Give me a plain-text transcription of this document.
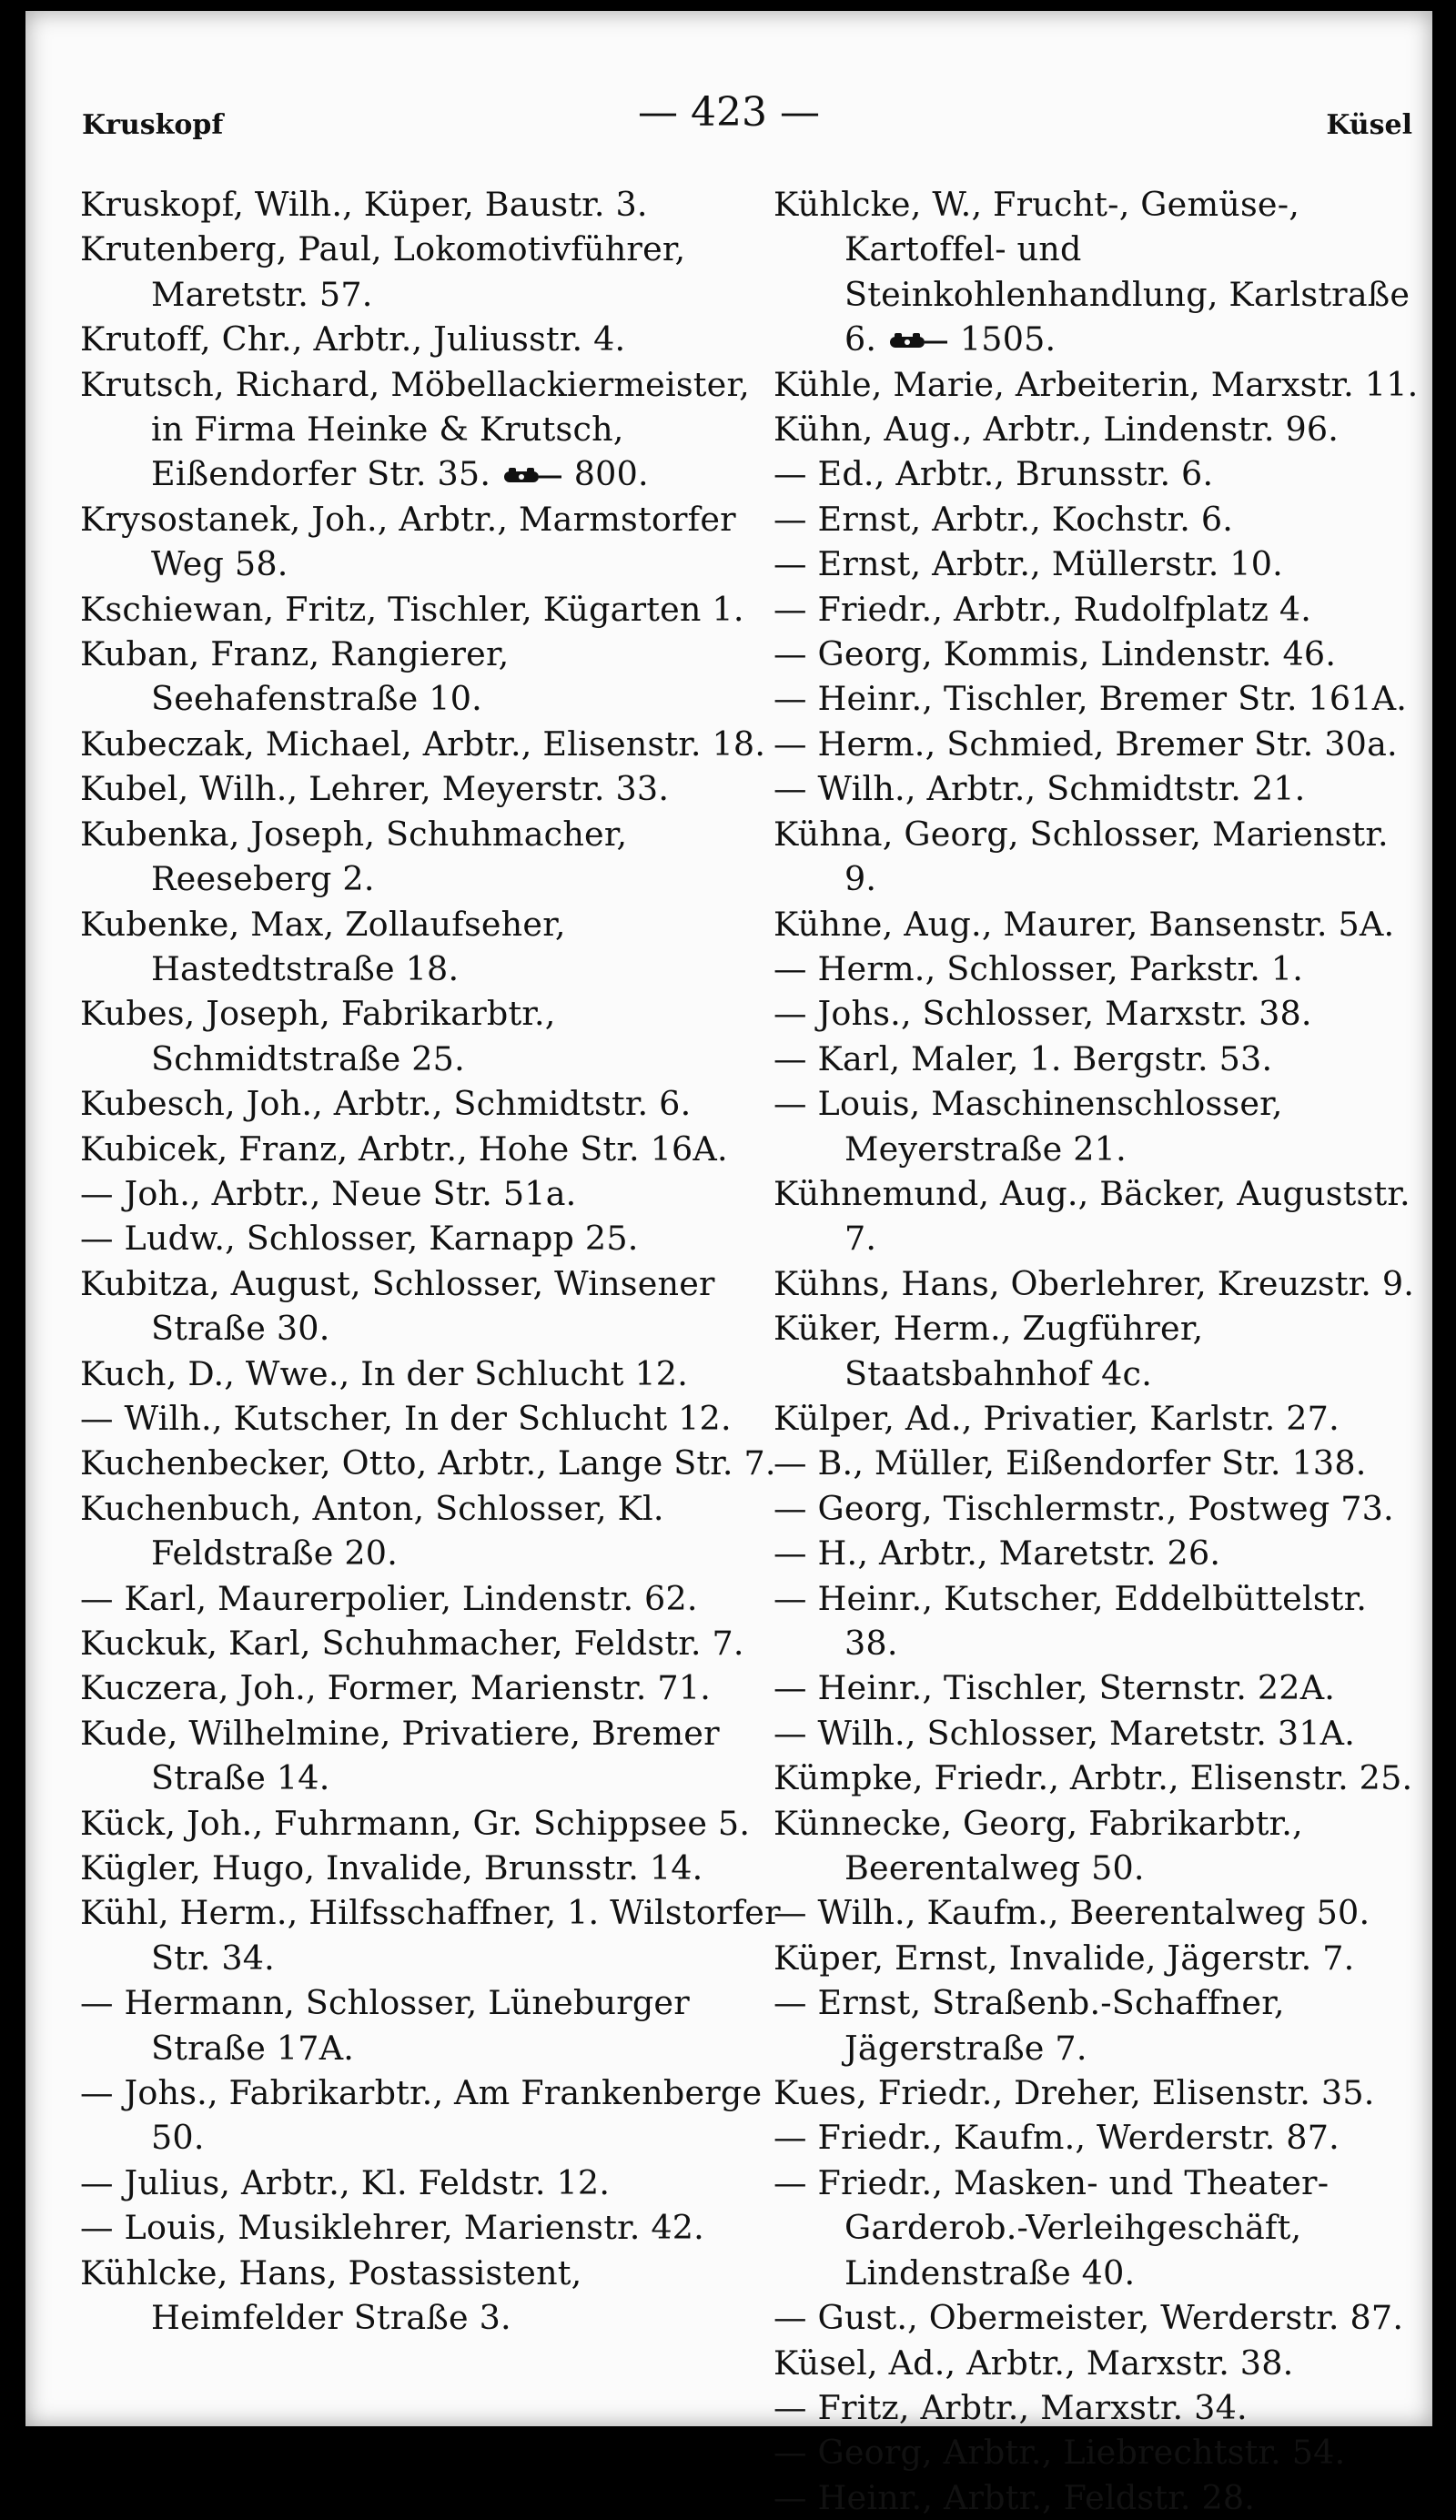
Kruskopf	— 423 —	Küsel
Kruskopf, Wilh., Küper, Baustr. 3.
Krutenberg, Paul, Lokomotivführer, Maretstr. 57.
Krutoff, Chr., Arbtr., Juliusstr. 4.
Krutsch, Richard, Möbellackiermeister, in Firma Heinke & Krutsch, Eißendorfer Str. 35.
800.
Krysostanek, Joh., Arbtr., Marmstorfer Weg 58.
Kschiewan, Fritz, Tischler, Kügarten 1.
Kuban, Franz, Rangierer, Seehafenstraße 10.
Kubeczak, Michael, Arbtr., Elisenstr. 18.
Kubel, Wilh., Lehrer, Meyerstr. 33.
Kubenka, Joseph, Schuhmacher, Reeseberg 2.
Kubenke, Max, Zollaufseher, Hastedtstraße 18.
Kubes, Joseph, Fabrikarbtr., Schmidtstraße 25.
Kubesch, Joh., Arbtr., Schmidtstr. 6.
Kubicek, Franz, Arbtr., Hohe Str. 16A.
— Joh., Arbtr., Neue Str. 51a.
— Ludw., Schlosser, Karnapp 25.
Kubitza, August, Schlosser, Winsener Straße 30.
Kuch, D., Wwe., In der Schlucht 12.
— Wilh., Kutscher, In der Schlucht 12.
Kuchenbecker, Otto, Arbtr., Lange Str. 7.
Kuchenbuch, Anton, Schlosser, Kl. Feldstraße 20.
— Karl, Maurerpolier, Lindenstr. 62.
Kuckuk, Karl, Schuhmacher, Feldstr. 7.
Kuczera, Joh., Former, Marienstr. 71.
Kude, Wilhelmine, Privatiere, Bremer Straße 14.
Kück, Joh., Fuhrmann, Gr. Schippsee 5.
Kügler, Hugo, Invalide, Brunsstr. 14.
Kühl, Herm., Hilfsschaffner, 1. Wilstorfer Str. 34.
— Hermann, Schlosser, Lüneburger Straße 17A.
— Johs., Fabrikarbtr., Am Frankenberge 50.
— Julius, Arbtr., Kl. Feldstr. 12.
— Louis, Musiklehrer, Marienstr. 42.
Kühlcke, Hans, Postassistent, Heimfelder Straße 3.
Kühlcke, W., Frucht-, Gemüse-, Kartoffel- und Steinkohlenhandlung, Karlstraße 6.
1505.
Kühle, Marie, Arbeiterin, Marxstr. 11.
Kühn, Aug., Arbtr., Lindenstr. 96.
— Ed., Arbtr., Brunsstr. 6.
— Ernst, Arbtr., Kochstr. 6.
— Ernst, Arbtr., Müllerstr. 10.
— Friedr., Arbtr., Rudolfplatz 4.
— Georg, Kommis, Lindenstr. 46.
— Heinr., Tischler, Bremer Str. 161A.
— Herm., Schmied, Bremer Str. 30a.
— Wilh., Arbtr., Schmidtstr. 21.
Kühna, Georg, Schlosser, Marienstr. 9.
Kühne, Aug., Maurer, Bansenstr. 5A.
— Herm., Schlosser, Parkstr. 1.
— Johs., Schlosser, Marxstr. 38.
— Karl, Maler, 1. Bergstr. 53.
— Louis, Maschinenschlosser, Meyerstraße 21.
Kühnemund, Aug., Bäcker, Auguststr. 7.
Kühns, Hans, Oberlehrer, Kreuzstr. 9.
Küker, Herm., Zugführer, Staatsbahnhof 4c.
Külper, Ad., Privatier, Karlstr. 27.
— B., Müller, Eißendorfer Str. 138.
— Georg, Tischlermstr., Postweg 73.
— H., Arbtr., Maretstr. 26.
— Heinr., Kutscher, Eddelbüttelstr. 38.
— Heinr., Tischler, Sternstr. 22A.
— Wilh., Schlosser, Maretstr. 31A.
Kümpke, Friedr., Arbtr., Elisenstr. 25.
Künnecke, Georg, Fabrikarbtr., Beerentalweg 50.
— Wilh., Kaufm., Beerentalweg 50.
Küper, Ernst, Invalide, Jägerstr. 7.
— Ernst, Straßenb.-Schaffner, Jägerstraße 7.
Kues, Friedr., Dreher, Elisenstr. 35.
— Friedr., Kaufm., Werderstr. 87.
— Friedr., Masken- und Theater-Garderob.-Verleihgeschäft, Lindenstraße 40.
— Gust., Obermeister, Werderstr. 87.
Küsel, Ad., Arbtr., Marxstr. 38.
— Fritz, Arbtr., Marxstr. 34.
— Georg, Arbtr., Liebrechtstr. 54.
— Heinr., Arbtr., Feldstr. 28.
